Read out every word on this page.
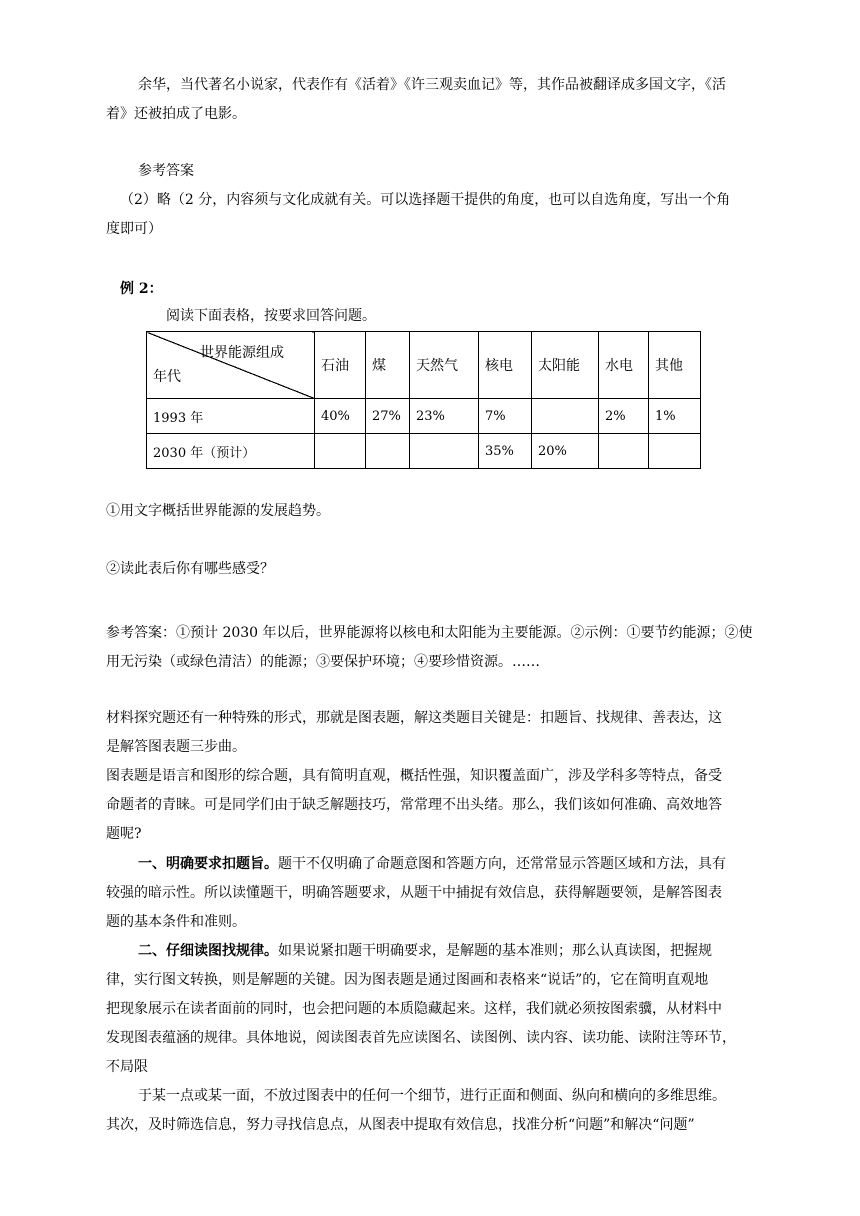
余华，当代著名小说家，代表作有《活着》《许三观卖血记》等，其作品被翻译成多国文字，《活

着》还被拍成了电影。

参考答案

（2）略（2 分，内容须与文化成就有关。可以选择题干提供的角度，也可以自选角度，写出一个角

度即可）

例 2：

阅读下面表格，按要求回答问题。

世界能源组成
年代	石油	煤	天然气	核电	太阳能	水电	其他
1993 年	40%	27%	23%	7%		2%	1%
2030 年（预计）				35%	20%		

①用文字概括世界能源的发展趋势。

②读此表后你有哪些感受？

参考答案：①预计 2030 年以后，世界能源将以核电和太阳能为主要能源。②示例：①要节约能源；②使

用无污染（或绿色清洁）的能源；③要保护环境；④要珍惜资源。……

材料探究题还有一种特殊的形式，那就是图表题，解这类题目关键是：扣题旨、找规律、善表达，这

是解答图表题三步曲。

图表题是语言和图形的综合题，具有简明直观，概括性强，知识覆盖面广，涉及学科多等特点，备受

命题者的青睐。可是同学们由于缺乏解题技巧，常常理不出头绪。那么，我们该如何准确、高效地答

题呢?

一、明确要求扣题旨。题干不仅明确了命题意图和答题方向，还常常显示答题区域和方法，具有

较强的暗示性。所以读懂题干，明确答题要求，从题干中捕捉有效信息，获得解题要领，是解答图表

题的基本条件和准则。

二、仔细读图找规律。如果说紧扣题干明确要求，是解题的基本准则；那么认真读图，把握规

律，实行图文转换，则是解题的关键。因为图表题是通过图画和表格来“说话”的，它在简明直观地

把现象展示在读者面前的同时，也会把问题的本质隐藏起来。这样，我们就必须按图索骥，从材料中

发现图表蕴涵的规律。具体地说，阅读图表首先应读图名、读图例、读内容、读功能、读附注等环节，

不局限

于某一点或某一面，不放过图表中的任何一个细节，进行正面和侧面、纵向和横向的多维思维。

其次，及时筛选信息，努力寻找信息点，从图表中提取有效信息，找准分析“问题”和解决“问题”
